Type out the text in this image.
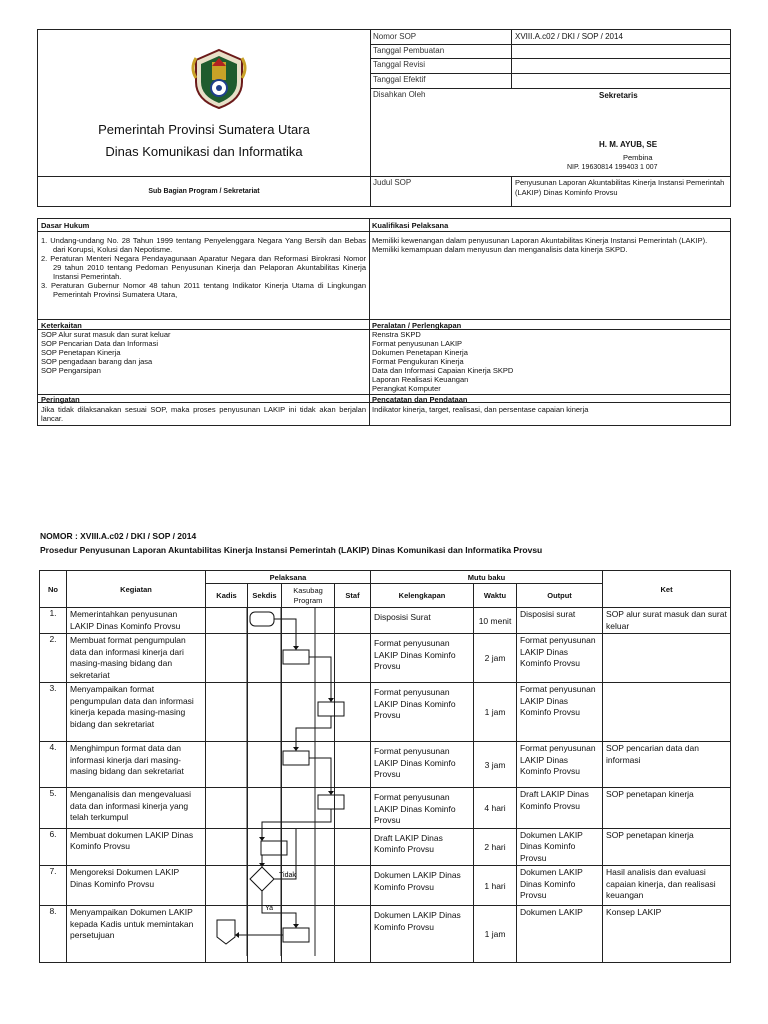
Pemerintah Provinsi Sumatera Utara
Dinas Komunikasi dan Informatika
Sub Bagian Program / Sekretariat
Nomor SOP	XVIII.A.c02 / DKI / SOP / 2014
Tanggal Pembuatan
Tanggal Revisi
Tanggal Efektif
Disahkan Oleh	Sekretaris
H. M. AYUB, SE
Pembina
NIP. 19630814 199403 1 007
Judul SOP	Penyusunan Laporan Akuntabilitas Kinerja Instansi Pemerintah (LAKIP) Dinas Kominfo Provsu
Dasar Hukum
1. Undang-undang No. 28 Tahun 1999 tentang Penyelenggara Negara Yang Bersih dan Bebas dari Korupsi, Kolusi dan Nepotisme.
2. Peraturan Menteri Negara Pendayagunaan Aparatur Negara dan Reformasi Birokrasi Nomor 29 tahun 2010 tentang Pedoman Penyusunan Kinerja dan Pelaporan Akuntabilitas Kinerja Instansi Pemerintah.
3. Peraturan Gubernur Nomor 48 tahun 2011 tentang Indikator Kinerja Utama di Lingkungan Pemerintah Provinsi Sumatera Utara,
Keterkaitan
SOP Alur surat masuk dan surat keluar
SOP Pencarian Data dan Informasi
SOP Penetapan Kinerja
SOP pengadaan barang dan jasa
SOP Pengarsipan
Peringatan
Jika tidak dilaksanakan sesuai SOP, maka proses penyusunan LAKIP ini tidak akan berjalan lancar.
Kualifikasi Pelaksana
Memiliki kewenangan dalam penyusunan Laporan Akuntabilitas Kinerja Instansi Pemerintah (LAKIP).
Memiliki kemampuan dalam menyusun dan menganalisis data kinerja SKPD.
Peralatan / Perlengkapan
Renstra SKPD
Format penyusunan LAKIP
Dokumen Penetapan Kinerja
Format Pengukuran Kinerja
Data dan Informasi Capaian Kinerja SKPD
Laporan Realisasi Keuangan
Perangkat Komputer
Pencatatan dan Pendataan
Indikator kinerja, target, realisasi, dan persentase capaian kinerja
NOMOR : XVIII.A.c02 / DKI / SOP / 2014
Prosedur Penyusunan Laporan Akuntabilitas Kinerja Instansi Pemerintah (LAKIP) Dinas Komunikasi dan Informatika Provsu
No	Kegiatan	Pelaksana				Mutu baku			Ket
		Kadis	Sekdis	Kasubag Program	Staf	Kelengkapan	Waktu	Output	
1.	Memerintahkan penyusunan LAKIP Dinas Kominfo Provsu					Disposisi Surat	10 menit	Disposisi surat	SOP alur surat masuk dan surat keluar
2.	Membuat format pengumpulan data dan informasi kinerja dari masing-masing bidang dan sekretariat					Format penyusunan LAKIP Dinas Kominfo Provsu	2 jam	Format penyusunan LAKIP Dinas Kominfo Provsu	
3.	Menyampaikan format pengumpulan data dan informasi kinerja kepada masing-masing bidang dan sekretariat					Format penyusunan LAKIP Dinas Kominfo Provsu	1 jam	Format penyusunan LAKIP Dinas Kominfo Provsu	
4.	Menghimpun format data dan informasi kinerja dari masing-masing bidang dan sekretariat					Format penyusunan LAKIP Dinas Kominfo Provsu	3 jam	Format penyusunan LAKIP Dinas Kominfo Provsu	SOP pencarian data dan informasi
5.	Menganalisis dan mengevaluasi data dan informasi kinerja yang telah terkumpul					Format penyusunan LAKIP Dinas Kominfo Provsu	4 hari	Draft LAKIP Dinas Kominfo Provsu	SOP penetapan kinerja
6.	Membuat dokumen LAKIP Dinas Kominfo Provsu					Draft LAKIP Dinas Kominfo Provsu	2 hari	Dokumen LAKIP Dinas Kominfo Provsu	SOP penetapan kinerja
7.	Mengoreksi Dokumen LAKIP Dinas Kominfo Provsu					Dokumen LAKIP Dinas Kominfo Provsu	1 hari	Dokumen LAKIP Dinas Kominfo Provsu	Hasil analisis dan evaluasi capaian kinerja, dan realisasi keuangan
8.	Menyampaikan Dokumen LAKIP kepada Kadis untuk memintakan persetujuan					Dokumen LAKIP Dinas Kominfo Provsu	1 jam	Dokumen LAKIP	Konsep LAKIP
Tidak
Ya
